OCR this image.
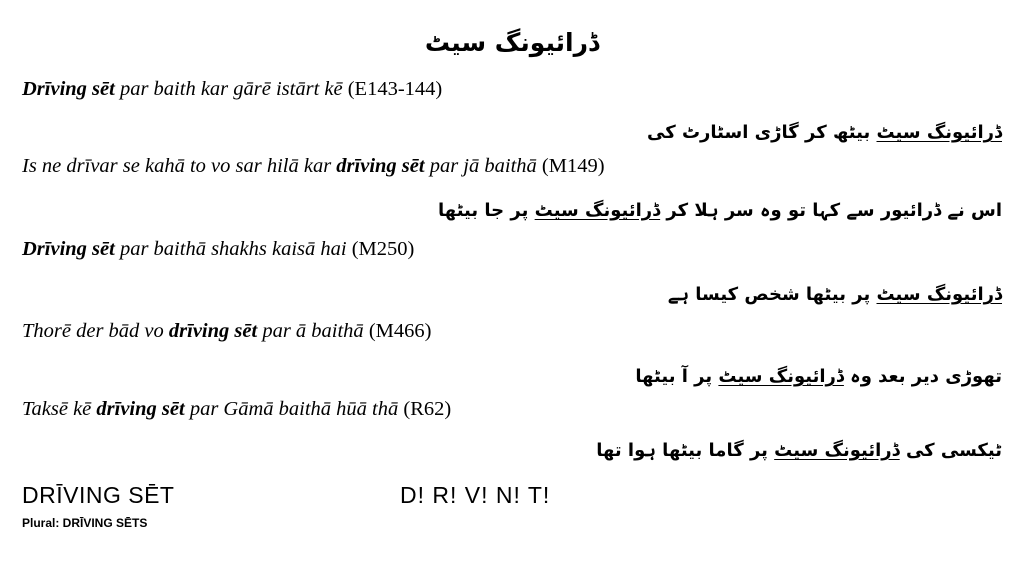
ڈرائیونگ سیٹ
Drīving sēt par baith kar gārē istārt kē (E143-144)
ڈرائیونگ سیٹ بیٹھ کر گاڑی اسٹارٹ کی
Is ne drīvar se kahā to vo sar hilā kar drīving sēt par jā baithā (M149)
اس نے ڈرائیور سے کہا تو وہ سر ہلا کر ڈرائیونگ سیٹ پر جا بیٹھا
Drīving sēt par baithā shakhs kaisā hai (M250)
ڈرائیونگ سیٹ پر بیٹھا شخص کیسا ہے
Thorē der bād vo drīving sēt par ā baithā (M466)
تھوڑی دیر بعد وہ ڈرائیونگ سیٹ پر آ بیٹھا
Taksē kē drīving sēt par Gāmā baithā hūā thā (R62)
ٹیکسی کی ڈرائیونگ سیٹ پر گاما بیٹھا ہوا تھا
DRĪVING SĒT	D! R! V! N! T!
Plural: DRĪVING SĒTS
